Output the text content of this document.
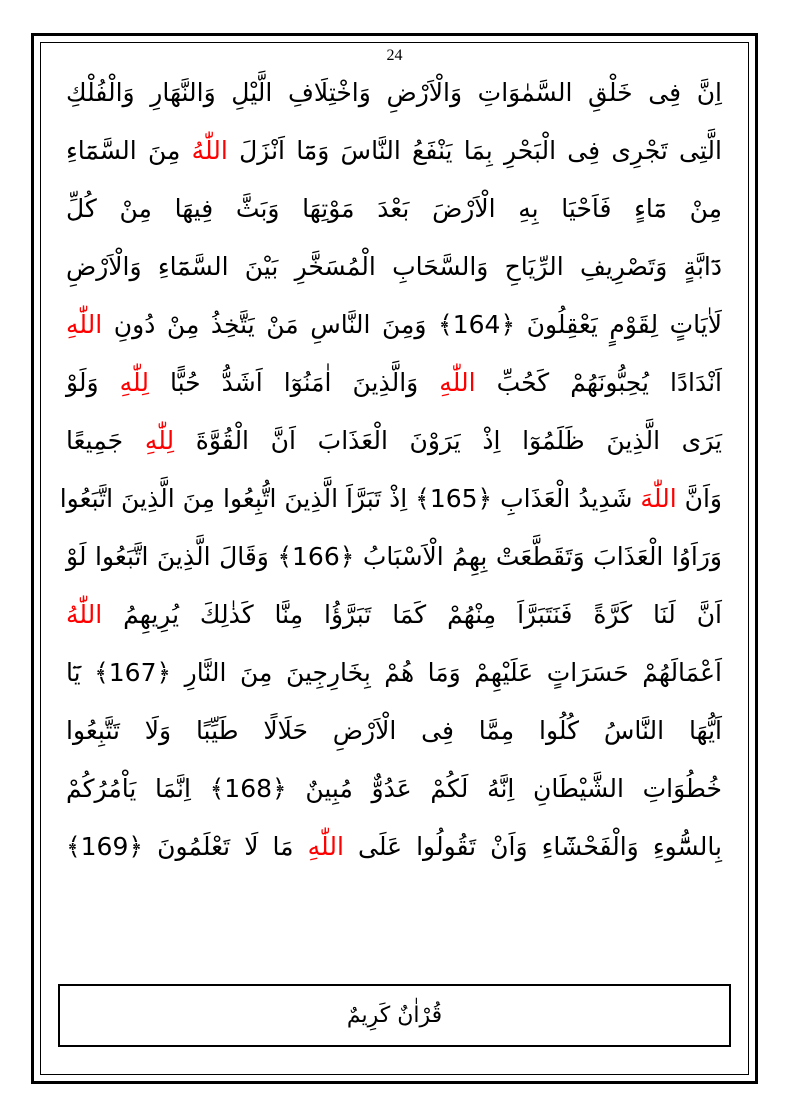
24
اِنَّ فِى خَلْقِ السَّمٰوَاتِ وَالْاَرْضِ وَاخْتِلَافِ الَّيْلِ وَالنَّهَارِ وَالْفُلْكِ
الَّتِى تَجْرِى فِى الْبَحْرِ بِمَا يَنْفَعُ النَّاسَ وَمَٓا اَنْزَلَ اللّٰهُ مِنَ السَّمَٓاءِ
مِنْ مَٓاءٍ فَاَحْيَا بِهِ الْاَرْضَ بَعْدَ مَوْتِهَا وَبَثَّ فِيهَا مِنْ كُلِّ
دَٓابَّةٍ وَتَصْرِيفِ الرِّيَاحِ وَالسَّحَابِ الْمُسَخَّرِ بَيْنَ السَّمَٓاءِ وَالْاَرْضِ
لَاٰيَاتٍ لِقَوْمٍ يَعْقِلُونَ ﴿164﴾ وَمِنَ النَّاسِ مَنْ يَتَّخِذُ مِنْ دُونِ اللّٰهِ
اَنْدَادًا يُحِبُّونَهُمْ كَحُبِّ اللّٰهِ وَالَّذِينَ اٰمَنُوٓا اَشَدُّ حُبًّا لِلّٰهِ وَلَوْ
يَرَى الَّذِينَ ظَلَمُوٓا اِذْ يَرَوْنَ الْعَذَابَ اَنَّ الْقُوَّةَ لِلّٰهِ جَمِيعًا
وَاَنَّ اللّٰهَ شَدِيدُ الْعَذَابِ ﴿165﴾ اِذْ تَبَرَّاَ الَّذِينَ اتُّبِعُوا مِنَ الَّذِينَ اتَّبَعُوا
وَرَاَوُا الْعَذَابَ وَتَقَطَّعَتْ بِهِمُ الْاَسْبَابُ ﴿166﴾ وَقَالَ الَّذِينَ اتَّبَعُوا لَوْ
اَنَّ لَنَا كَرَّةً فَنَتَبَرَّاَ مِنْهُمْ كَمَا تَبَرَّؤُا مِنَّا كَذٰلِكَ يُرِيهِمُ اللّٰهُ
اَعْمَالَهُمْ حَسَرَاتٍ عَلَيْهِمْ وَمَا هُمْ بِخَارِجِينَ مِنَ النَّارِ ﴿167﴾ يَٓا
اَيُّهَا النَّاسُ كُلُوا مِمَّا فِى الْاَرْضِ حَلَالًا طَيِّبًا وَلَا تَتَّبِعُوا
خُطُوَاتِ الشَّيْطَانِ اِنَّهُ لَكُمْ عَدُوٌّ مُبِينٌ ﴿168﴾ اِنَّمَا يَاْمُرُكُمْ
بِالسُّٓوءِ وَالْفَحْشَٓاءِ وَاَنْ تَقُولُوا عَلَى اللّٰهِ مَا لَا تَعْلَمُونَ ﴿169﴾
قُرْاٰنٌ كَرِيمٌ
